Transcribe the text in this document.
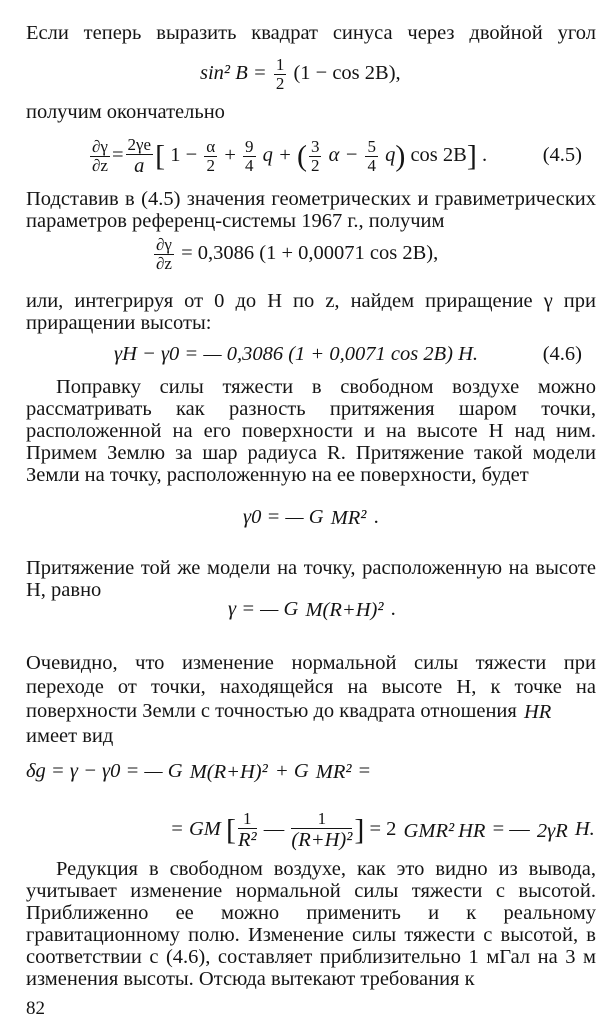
Если теперь выразить квадрат синуса через двойной угол
sin² $B = \frac{1}{2} (1 - \cos 2B)$,
получим окончательно
$\frac{\partial\gamma}{\partial z} = 2\gamma e$
a [ $1 - \frac{\alpha}{2} + \frac{9}{4}$ q + ( $\frac{3}{2}$ $\alpha - \frac{5}{4} q$) cos 2B] .	(4.5)
Подставив в (4.5) значения геометрических и гравиметрических параметров референц-системы 1967 г., получим
$\frac{\partial\gamma}{\partial z} = 0,3086$ (1 + 0,00071 cos 2B),
или, интегрируя от 0 до H по z, найдем приращение γ при приращении высоты:
γH − γ0 = — 0,3086 (1 + 0,0071 cos 2B) H.	(4.6)
Поправку силы тяжести в свободном воздухе можно рассматривать как разность притяжения шаром точки, расположенной на его поверхности и на высоте H над ним. Примем Землю за шар радиуса R. Притяжение такой модели Земли на точку, расположенную на ее поверхности, будет
γ0 = — G MR² .
Притяжение той же модели на точку, расположенную на высоте H, равно
γ = — G M(R+H)² .
Очевидно, что изменение нормальной силы тяжести при переходе от точки, находящейся на высоте H, к точке на поверхности Земли с точностью до квадрата отношения HR
имеет вид
δg = γ − γ0 = — G M(R+H)² + G MR² =
= GM [ 1
R² —	1
(R+H)²] = 2 GMR² HR = — 2γR H.
Редукция в свободном воздухе, как это видно из вывода, учитывает изменение нормальной силы тяжести с высотой. Приближенно ее можно применить и к реальному гравитационному полю. Изменение силы тяжести с высотой, в соответствии с (4.6), составляет приблизительно 1 мГал на 3 м изменения высоты. Отсюда вытекают требования к
82
